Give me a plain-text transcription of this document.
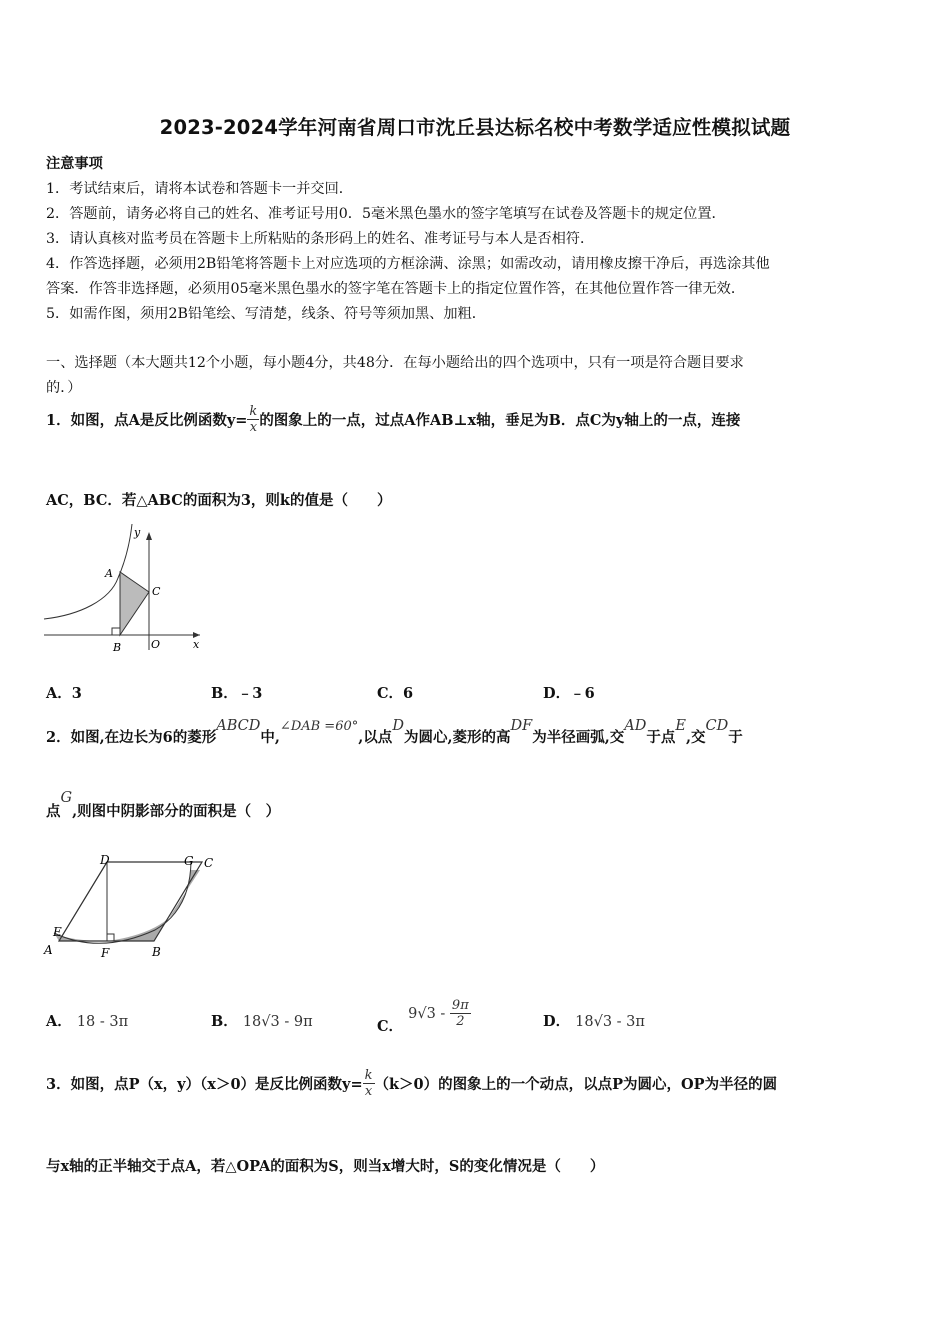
2023-2024学年河南省周口市沈丘县达标名校中考数学适应性模拟试题
注意事项
1．考试结束后，请将本试卷和答题卡一并交回．
2．答题前，请务必将自己的姓名、准考证号用0．5毫米黑色墨水的签字笔填写在试卷及答题卡的规定位置．
3．请认真核对监考员在答题卡上所粘贴的条形码上的姓名、准考证号与本人是否相符．
4．作答选择题，必须用2B铅笔将答题卡上对应选项的方框涂满、涂黑；如需改动，请用橡皮擦干净后，再选涂其他
答案．作答非选择题，必须用05毫米黑色墨水的签字笔在答题卡上的指定位置作答，在其他位置作答一律无效．
5．如需作图，须用2B铅笔绘、写清楚，线条、符号等须加黑、加粗．
一、选择题（本大题共12个小题，每小题4分，共48分．在每小题给出的四个选项中，只有一项是符合题目要求
的．）
1．如图，点A是反比例函数$y= \frac{k}{x}$ 的图象上的一点，过点A作AB⊥x轴，垂足为B．点C为y轴上的一点，连接
AC，BC．若△ABC的面积为3，则k的值是（　　）
A
B
C
O	x
y
A．3	B．﹣3	C．6	D．﹣6
2．如图,在边长为6的菱形ABCD中,∠DAB =60°,以点D为圆心,菱形的高DF为半径画弧,交AD于点E,交CD于
点G,则图中阴影部分的面积是（　）
A	B
C
D
E
F
G
A． 18 - 3π	B． 18√3 - 9π	C． $9√3 - \frac{9\pi}{2}$	D． 18√3 - 3π
3．如图，点P（x，y）（x＞0）是反比例函数$y= \frac{k}{x} (k>0)$的图象上的一个动点，以点P为圆心，OP为半径的圆
与x轴的正半轴交于点A，若△OPA的面积为S，则当x增大时，S的变化情况是（　　）
